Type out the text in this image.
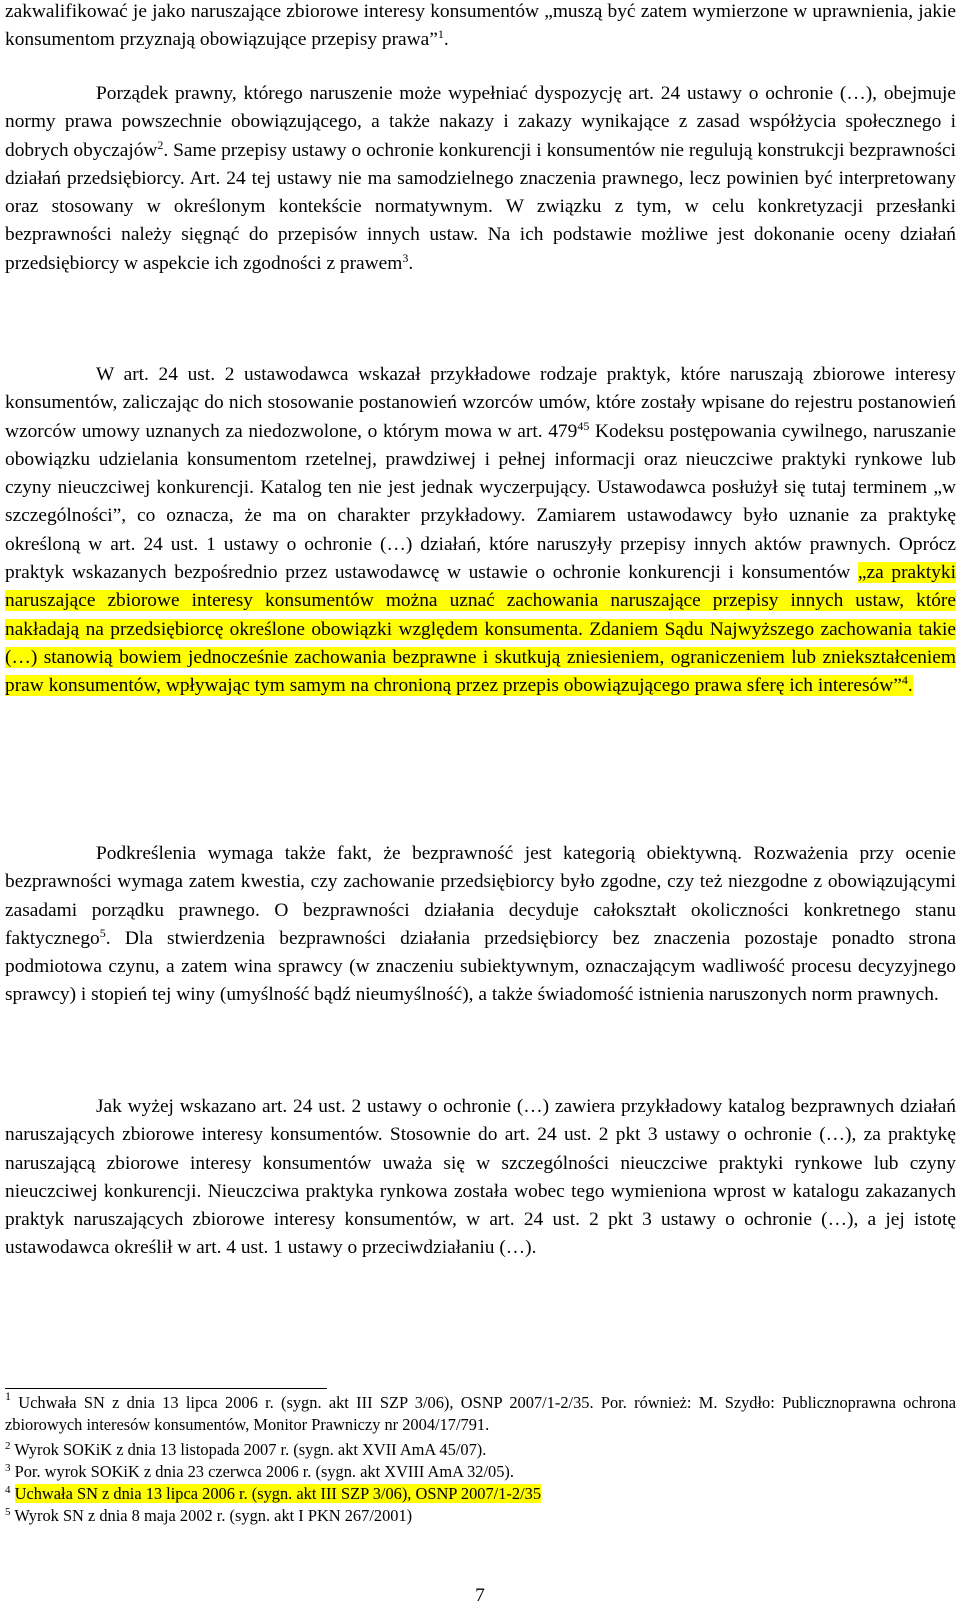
zakwalifikować je jako naruszające zbiorowe interesy konsumentów „muszą być zatem wymierzone w uprawnienia, jakie konsumentom przyznają obowiązujące przepisy prawa”$^1$.

Porządek prawny, którego naruszenie może wypełniać dyspozycję art. 24 ustawy o ochronie (…), obejmuje normy prawa powszechnie obowiązującego, a także nakazy i zakazy wynikające z zasad współżycia społecznego i dobrych obyczajów$^2$. Same przepisy ustawy o ochronie konkurencji i konsumentów nie regulują konstrukcji bezprawności działań przedsiębiorcy. Art. 24 tej ustawy nie ma samodzielnego znaczenia prawnego, lecz powinien być interpretowany oraz stosowany w określonym kontekście normatywnym. W związku z tym, w celu konkretyzacji przesłanki bezprawności należy sięgnąć do przepisów innych ustaw. Na ich podstawie możliwe jest dokonanie oceny działań przedsiębiorcy w aspekcie ich zgodności z prawem$^3$.

W art. 24 ust. 2 ustawodawca wskazał przykładowe rodzaje praktyk, które naruszają zbiorowe interesy konsumentów, zaliczając do nich stosowanie postanowień wzorców umów, które zostały wpisane do rejestru postanowień wzorców umowy uznanych za niedozwolone, o którym mowa w art. $479^{45}$ Kodeksu postępowania cywilnego, naruszanie obowiązku udzielania konsumentom rzetelnej, prawdziwej i pełnej informacji oraz nieuczciwe praktyki rynkowe lub czyny nieuczciwej konkurencji. Katalog ten nie jest jednak wyczerpujący. Ustawodawca posłużył się tutaj terminem „w szczególności”, co oznacza, że ma on charakter przykładowy. Zamiarem ustawodawcy było uznanie za praktykę określoną w art. 24 ust. 1 ustawy o ochronie (…) działań, które naruszyły przepisy innych aktów prawnych. Oprócz praktyk wskazanych bezpośrednio przez ustawodawcę w ustawie o ochronie konkurencji i konsumentów „za praktyki naruszające zbiorowe interesy konsumentów można uznać zachowania naruszające przepisy innych ustaw, które nakładają na przedsiębiorcę określone obowiązki względem konsumenta. Zdaniem Sądu Najwyższego zachowania takie (…) stanowią bowiem jednocześnie zachowania bezprawne i skutkują zniesieniem, ograniczeniem lub zniekształceniem praw konsumentów, wpływając tym samym na chronioną przez przepis obowiązującego prawa sferę ich interesów”$^4$.

Podkreślenia wymaga także fakt, że bezprawność jest kategorią obiektywną. Rozważenia przy ocenie bezprawności wymaga zatem kwestia, czy zachowanie przedsiębiorcy było zgodne, czy też niezgodne z obowiązującymi zasadami porządku prawnego. O bezprawności działania decyduje całokształt okoliczności konkretnego stanu faktycznego$^5$. Dla stwierdzenia bezprawności działania przedsiębiorcy bez znaczenia pozostaje ponadto strona podmiotowa czynu, a zatem wina sprawcy (w znaczeniu subiektywnym, oznaczającym wadliwość procesu decyzyjnego sprawcy) i stopień tej winy (umyślność bądź nieumyślność), a także świadomość istnienia naruszonych norm prawnych.

Jak wyżej wskazano art. 24 ust. 2 ustawy o ochronie (…) zawiera przykładowy katalog bezprawnych działań naruszających zbiorowe interesy konsumentów. Stosownie do art. 24 ust. 2 pkt 3 ustawy o ochronie (…), za praktykę naruszającą zbiorowe interesy konsumentów uważa się w szczególności nieuczciwe praktyki rynkowe lub czyny nieuczciwej konkurencji. Nieuczciwa praktyka rynkowa została wobec tego wymieniona wprost w katalogu zakazanych praktyk naruszających zbiorowe interesy konsumentów, w art. 24 ust. 2 pkt 3 ustawy o ochronie (…), a jej istotę ustawodawca określił w art. 4 ust. 1 ustawy o przeciwdziałaniu (…).

$^1$ Uchwała SN z dnia 13 lipca 2006 r. (sygn. akt III SZP 3/06), OSNP 2007/1-2/35. Por. również: M. Szydło: Publicznoprawna ochrona zbiorowych interesów konsumentów, Monitor Prawniczy nr 2004/17/791.

$^2$ Wyrok SOKiK z dnia 13 listopada 2007 r. (sygn. akt XVII AmA 45/07).

$^3$ Por. wyrok SOKiK z dnia 23 czerwca 2006 r. (sygn. akt XVIII AmA 32/05).

$^4$ Uchwała SN z dnia 13 lipca 2006 r. (sygn. akt III SZP 3/06), OSNP 2007/1-2/35

$^5$ Wyrok SN z dnia 8 maja 2002 r. (sygn. akt I PKN 267/2001)

7
